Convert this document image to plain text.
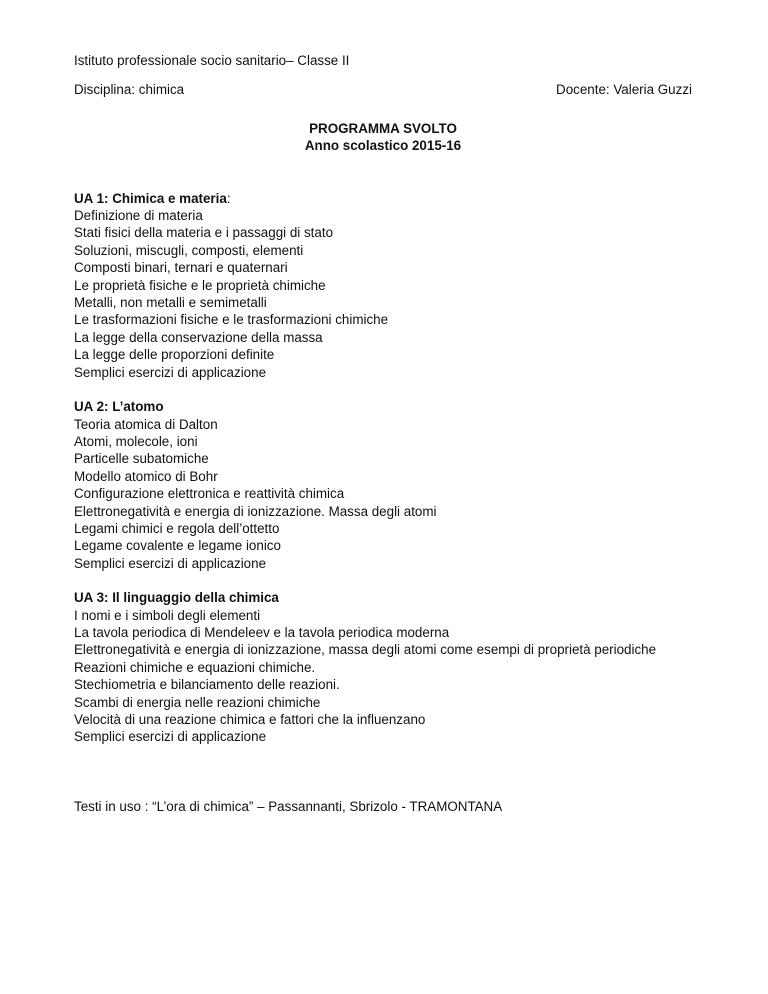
Istituto professionale socio sanitario– Classe II
Disciplina: chimica	Docente: Valeria Guzzi
PROGRAMMA SVOLTO
Anno scolastico 2015-16
UA 1: Chimica e materia:
Definizione di materia
Stati fisici della materia e i passaggi di stato
Soluzioni, miscugli, composti, elementi
Composti binari, ternari e quaternari
Le proprietà fisiche e le proprietà chimiche
Metalli, non metalli e semimetalli
Le trasformazioni fisiche e le trasformazioni chimiche
La legge della conservazione della massa
La legge delle proporzioni definite
Semplici esercizi di applicazione
UA 2: L’atomo
Teoria atomica di Dalton
Atomi, molecole, ioni
Particelle subatomiche
Modello atomico di Bohr
Configurazione elettronica e reattività chimica
Elettronegatività e energia di ionizzazione. Massa degli atomi
Legami chimici e regola dell’ottetto
Legame covalente e legame ionico
Semplici esercizi di applicazione
UA 3: Il linguaggio della chimica
I nomi e i simboli degli elementi
La tavola periodica di Mendeleev e la tavola periodica moderna
Elettronegatività e energia di ionizzazione, massa degli atomi come esempi di proprietà periodiche
Reazioni chimiche e equazioni chimiche.
Stechiometria e bilanciamento delle reazioni.
Scambi di energia nelle reazioni chimiche
Velocità di una reazione chimica e fattori che la influenzano
Semplici esercizi di applicazione
Testi in uso : “L’ora di chimica” – Passannanti, Sbrizolo - TRAMONTANA
